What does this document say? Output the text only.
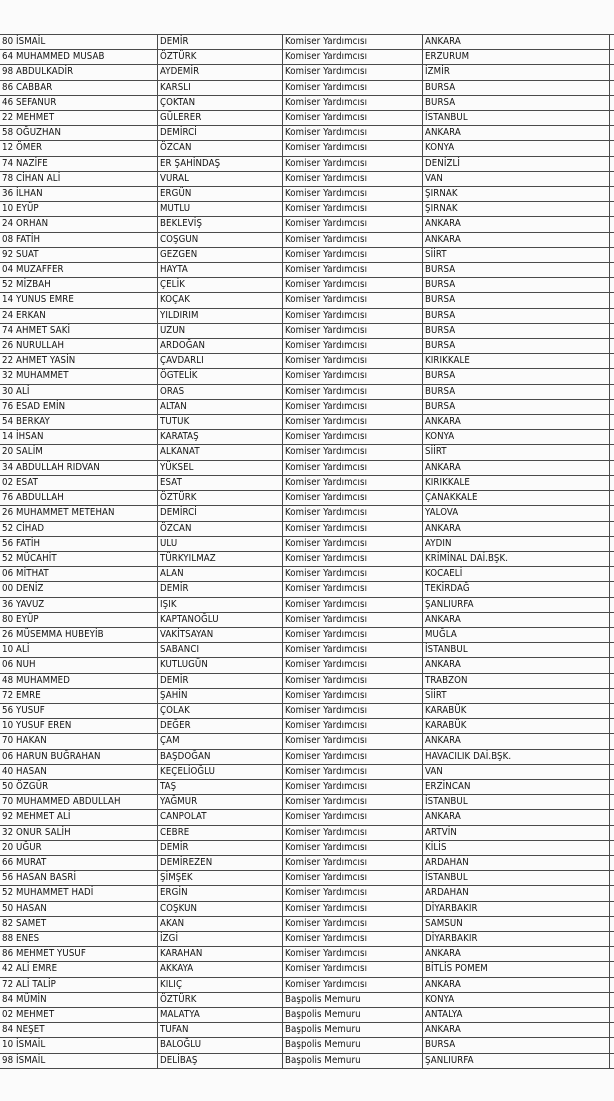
80 İSMAİL	DEMİR	Komiser Yardımcısı	ANKARA	
64 MUHAMMED MUSAB	ÖZTÜRK	Komiser Yardımcısı	ERZURUM	
98 ABDULKADİR	AYDEMİR	Komiser Yardımcısı	İZMİR	
86 CABBAR	KARSLI	Komiser Yardımcısı	BURSA	
46 SEFANUR	ÇOKTAN	Komiser Yardımcısı	BURSA	
22 MEHMET	GÜLERER	Komiser Yardımcısı	İSTANBUL	
58 OĞUZHAN	DEMİRCİ	Komiser Yardımcısı	ANKARA	
12 ÖMER	ÖZCAN	Komiser Yardımcısı	KONYA	
74 NAZİFE	ER ŞAHİNDAŞ	Komiser Yardımcısı	DENİZLİ	
78 CİHAN ALİ	VURAL	Komiser Yardımcısı	VAN	
36 İLHAN	ERGÜN	Komiser Yardımcısı	ŞIRNAK	
10 EYÜP	MUTLU	Komiser Yardımcısı	ŞIRNAK	
24 ORHAN	BEKLEVİŞ	Komiser Yardımcısı	ANKARA	
08 FATİH	COŞGUN	Komiser Yardımcısı	ANKARA	
92 SUAT	GEZGEN	Komiser Yardımcısı	SİİRT	
04 MUZAFFER	HAYTA	Komiser Yardımcısı	BURSA	
52 MİZBAH	ÇELİK	Komiser Yardımcısı	BURSA	
14 YUNUS EMRE	KOÇAK	Komiser Yardımcısı	BURSA	
24 ERKAN	YILDIRIM	Komiser Yardımcısı	BURSA	
74 AHMET SAKİ	UZUN	Komiser Yardımcısı	BURSA	
26 NURULLAH	ARDOĞAN	Komiser Yardımcısı	BURSA	
22 AHMET YASİN	ÇAVDARLI	Komiser Yardımcısı	KIRIKKALE	
32 MUHAMMET	ÖGTELİK	Komiser Yardımcısı	BURSA	
30 ALİ	ORAS	Komiser Yardımcısı	BURSA	
76 ESAD EMİN	ALTAN	Komiser Yardımcısı	BURSA	
54 BERKAY	TUTUK	Komiser Yardımcısı	ANKARA	
14 İHSAN	KARATAŞ	Komiser Yardımcısı	KONYA	
20 SALİM	ALKANAT	Komiser Yardımcısı	SİİRT	
34 ABDULLAH RIDVAN	YÜKSEL	Komiser Yardımcısı	ANKARA	
02 ESAT	ESAT	Komiser Yardımcısı	KIRIKKALE	
76 ABDULLAH	ÖZTÜRK	Komiser Yardımcısı	ÇANAKKALE	
26 MUHAMMET METEHAN	DEMİRCİ	Komiser Yardımcısı	YALOVA	
52 CİHAD	ÖZCAN	Komiser Yardımcısı	ANKARA	
56 FATİH	ULU	Komiser Yardımcısı	AYDIN	
52 MÜCAHİT	TÜRKYILMAZ	Komiser Yardımcısı	KRİMİNAL DAİ.BŞK.	
06 MİTHAT	ALAN	Komiser Yardımcısı	KOCAELİ	
00 DENİZ	DEMİR	Komiser Yardımcısı	TEKİRDAĞ	
36 YAVUZ	IŞIK	Komiser Yardımcısı	ŞANLIURFA	
80 EYÜP	KAPTANOĞLU	Komiser Yardımcısı	ANKARA	
26 MÜSEMMA HUBEYİB	VAKİTSAYAN	Komiser Yardımcısı	MUĞLA	
10 ALİ	SABANCI	Komiser Yardımcısı	İSTANBUL	
06 NUH	KUTLUGÜN	Komiser Yardımcısı	ANKARA	
48 MUHAMMED	DEMİR	Komiser Yardımcısı	TRABZON	
72 EMRE	ŞAHİN	Komiser Yardımcısı	SİİRT	
56 YUSUF	ÇOLAK	Komiser Yardımcısı	KARABÜK	
10 YUSUF EREN	DEĞER	Komiser Yardımcısı	KARABÜK	
70 HAKAN	ÇAM	Komiser Yardımcısı	ANKARA	
06 HARUN BUĞRAHAN	BAŞDOĞAN	Komiser Yardımcısı	HAVACILIK DAİ.BŞK.	
40 HASAN	KEÇELİOĞLU	Komiser Yardımcısı	VAN	
50 ÖZGÜR	TAŞ	Komiser Yardımcısı	ERZİNCAN	
70 MUHAMMED ABDULLAH	YAĞMUR	Komiser Yardımcısı	İSTANBUL	
92 MEHMET ALİ	CANPOLAT	Komiser Yardımcısı	ANKARA	
32 ONUR SALİH	CEBRE	Komiser Yardımcısı	ARTVİN	
20 UĞUR	DEMİR	Komiser Yardımcısı	KİLİS	
66 MURAT	DEMİREZEN	Komiser Yardımcısı	ARDAHAN	
56 HASAN BASRİ	ŞİMŞEK	Komiser Yardımcısı	İSTANBUL	
52 MUHAMMET HADİ	ERGİN	Komiser Yardımcısı	ARDAHAN	
50 HASAN	COŞKUN	Komiser Yardımcısı	DİYARBAKIR	
82 SAMET	AKAN	Komiser Yardımcısı	SAMSUN	
88 ENES	İZGİ	Komiser Yardımcısı	DİYARBAKIR	
86 MEHMET YUSUF	KARAHAN	Komiser Yardımcısı	ANKARA	
42 ALİ EMRE	AKKAYA	Komiser Yardımcısı	BİTLİS POMEM	
72 ALİ TALİP	KILIÇ	Komiser Yardımcısı	ANKARA	
84 MÜMİN	ÖZTÜRK	Başpolis Memuru	KONYA	
02 MEHMET	MALATYA	Başpolis Memuru	ANTALYA	
84 NEŞET	TUFAN	Başpolis Memuru	ANKARA	
10 İSMAİL	BALOĞLU	Başpolis Memuru	BURSA	
98 İSMAİL	DELİBAŞ	Başpolis Memuru	ŞANLIURFA	
